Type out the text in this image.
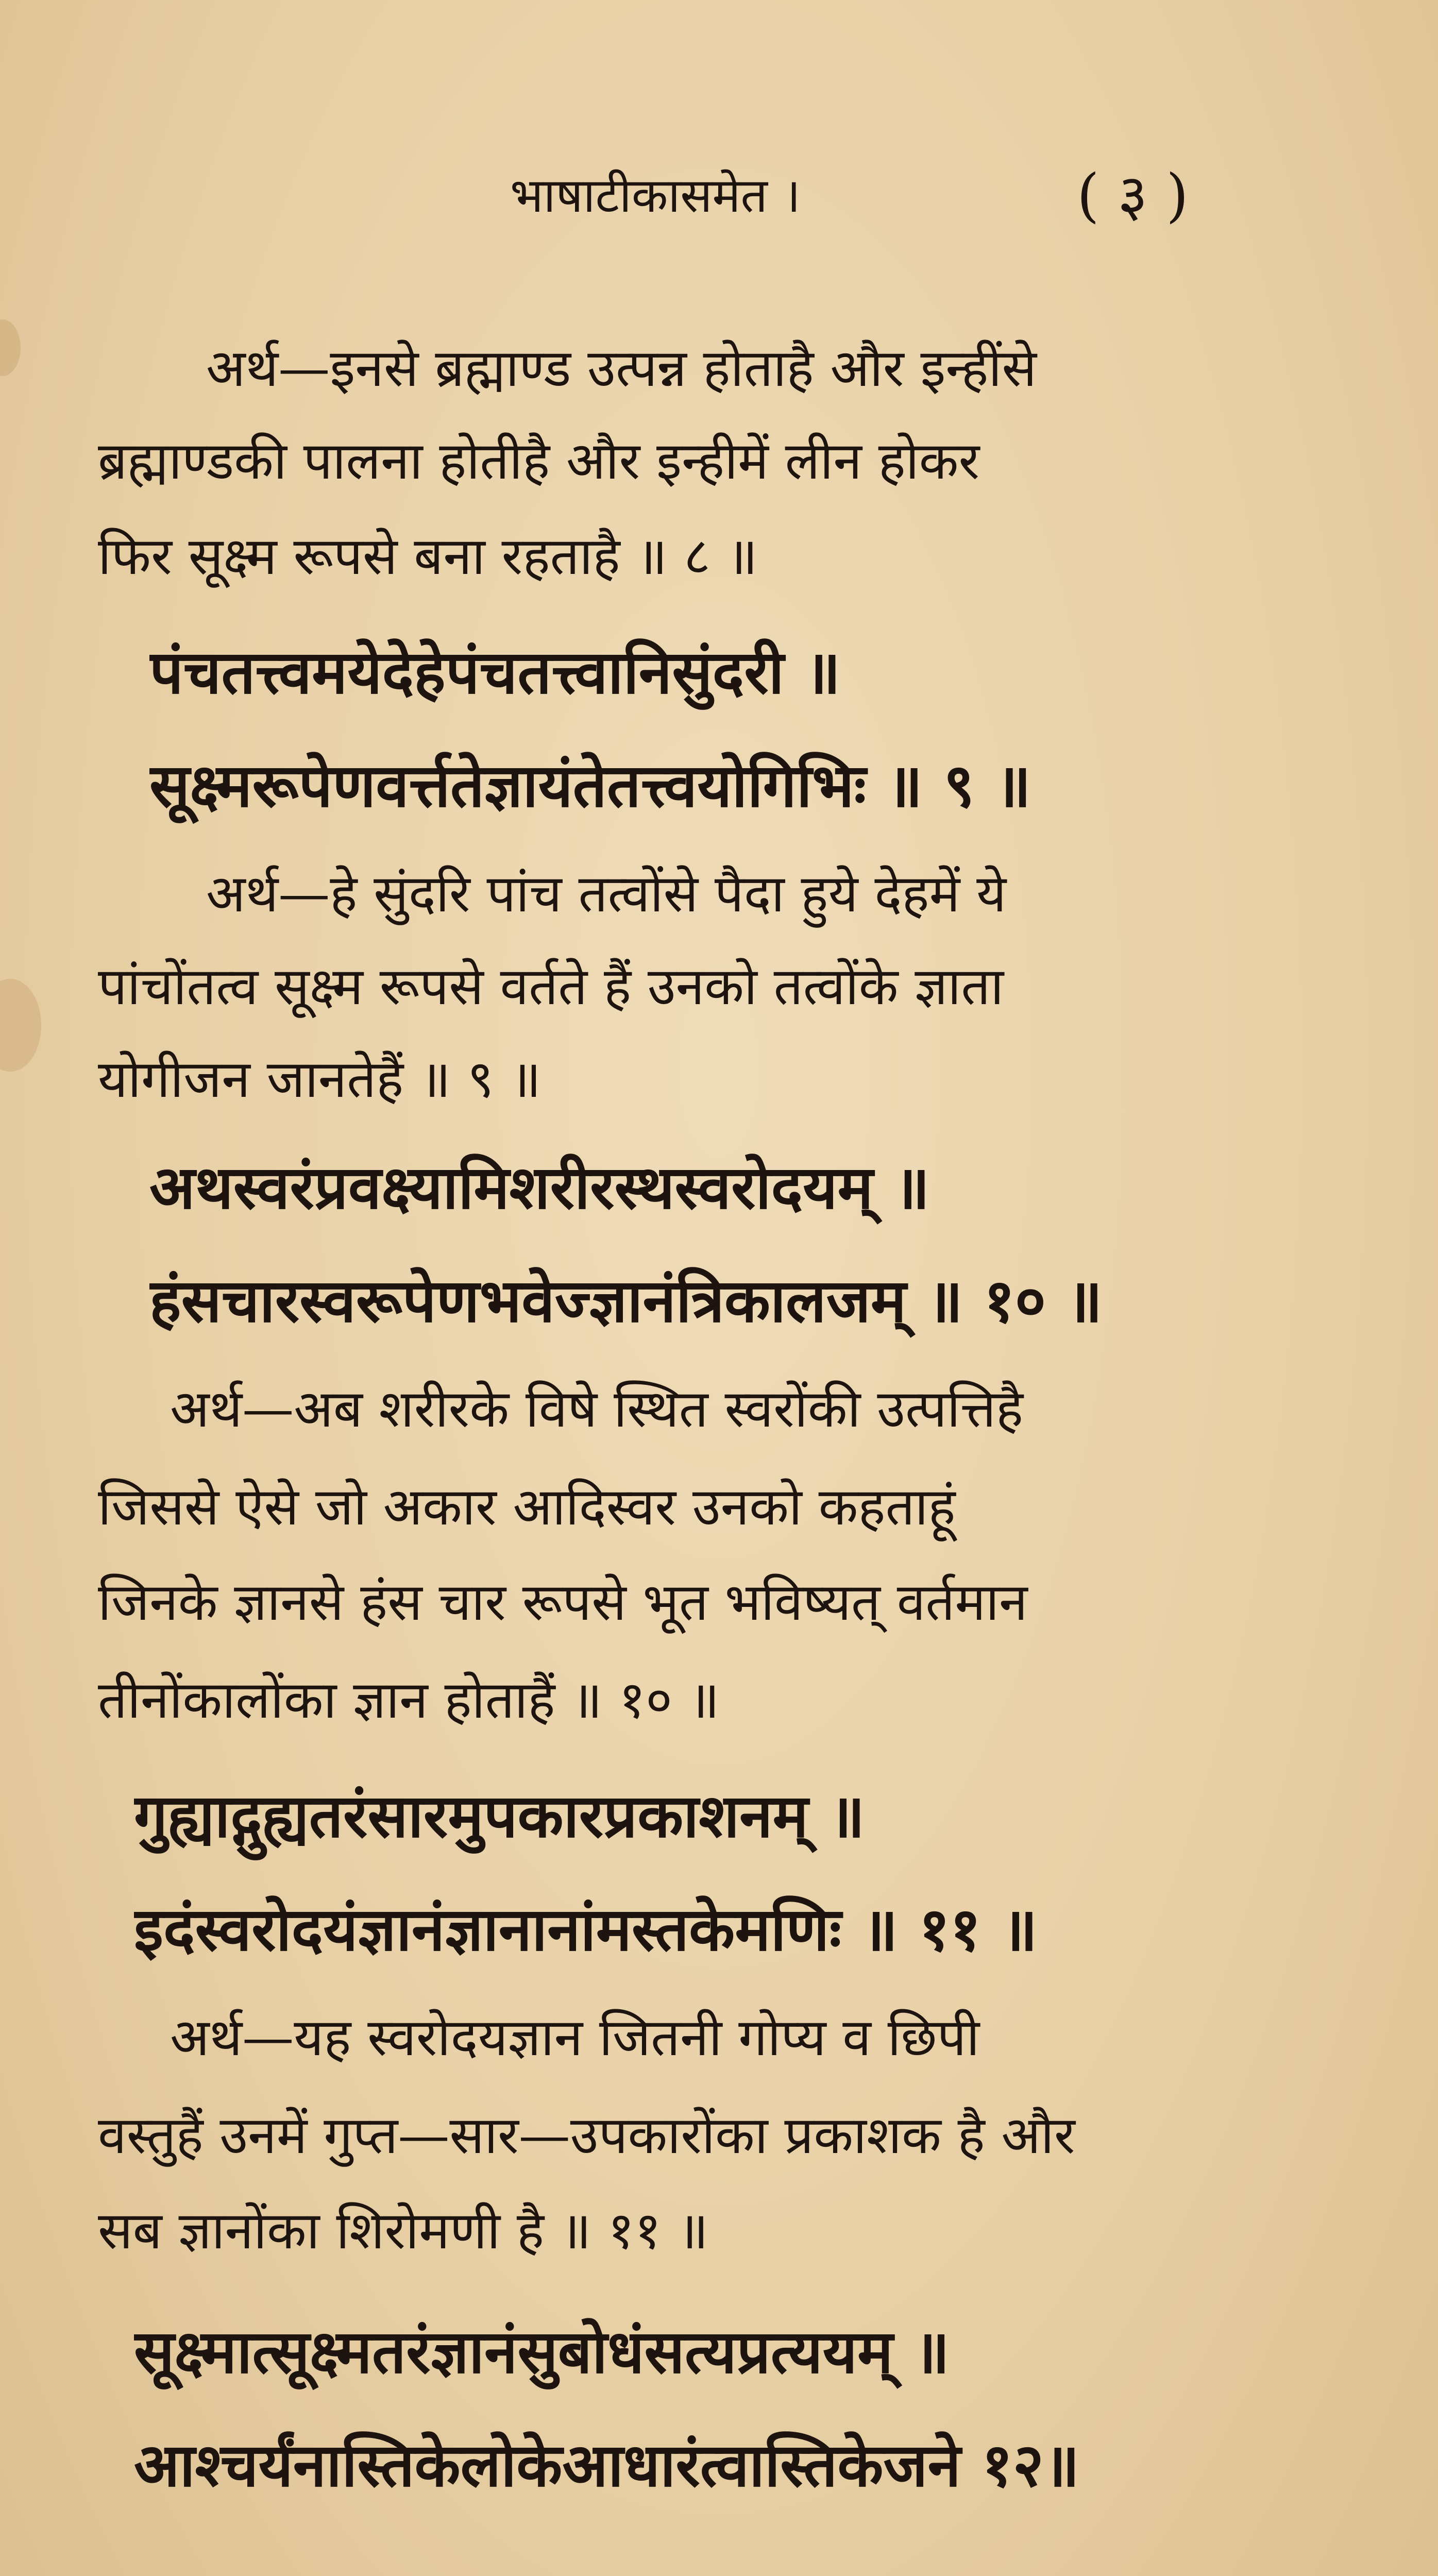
भाषाटीकासमेत ।	( ३ )
अर्थ—इनसे ब्रह्माण्ड उत्पन्न होताहै और इन्हींसे
ब्रह्माण्डकी पालना होतीहै और इन्हीमें लीन होकर
फिर सूक्ष्म रूपसे बना रहताहै ॥ ८ ॥
पंचतत्त्वमयेदेहेपंचतत्त्वानिसुंदरी ॥
सूक्ष्मरूपेणवर्त्ततेज्ञायंतेतत्त्वयोगिभिः ॥ ९ ॥
अर्थ—हे सुंदरि पांच तत्वोंसे पैदा हुये देहमें ये
पांचोंतत्व सूक्ष्म रूपसे वर्तते हैं उनको तत्वोंके ज्ञाता
योगीजन जानतेहैं ॥ ९ ॥
अथस्वरंप्रवक्ष्यामिशरीरस्थस्वरोदयम् ॥
हंसचारस्वरूपेणभवेज्ज्ञानंत्रिकालजम् ॥ १० ॥
अर्थ—अब शरीरके विषे स्थित स्वरोंकी उत्पत्तिहै
जिससे ऐसे जो अकार आदिस्वर उनको कहताहूं
जिनके ज्ञानसे हंस चार रूपसे भूत भविष्यत् वर्तमान
तीनोंकालोंका ज्ञान होताहैं ॥ १० ॥
गुह्याद्गुह्यतरंसारमुपकारप्रकाशनम् ॥
इदंस्वरोदयंज्ञानंज्ञानानांमस्तकेमणिः ॥ ११ ॥
अर्थ—यह स्वरोदयज्ञान जितनी गोप्य व छिपी
वस्तुहैं उनमें गुप्त—सार—उपकारोंका प्रकाशक है और
सब ज्ञानोंका शिरोमणी है ॥ ११ ॥
सूक्ष्मात्सूक्ष्मतरंज्ञानंसुबोधंसत्यप्रत्ययम् ॥
आश्चर्यंनास्तिकेलोकेआधारंत्वास्तिकेजने १२॥
